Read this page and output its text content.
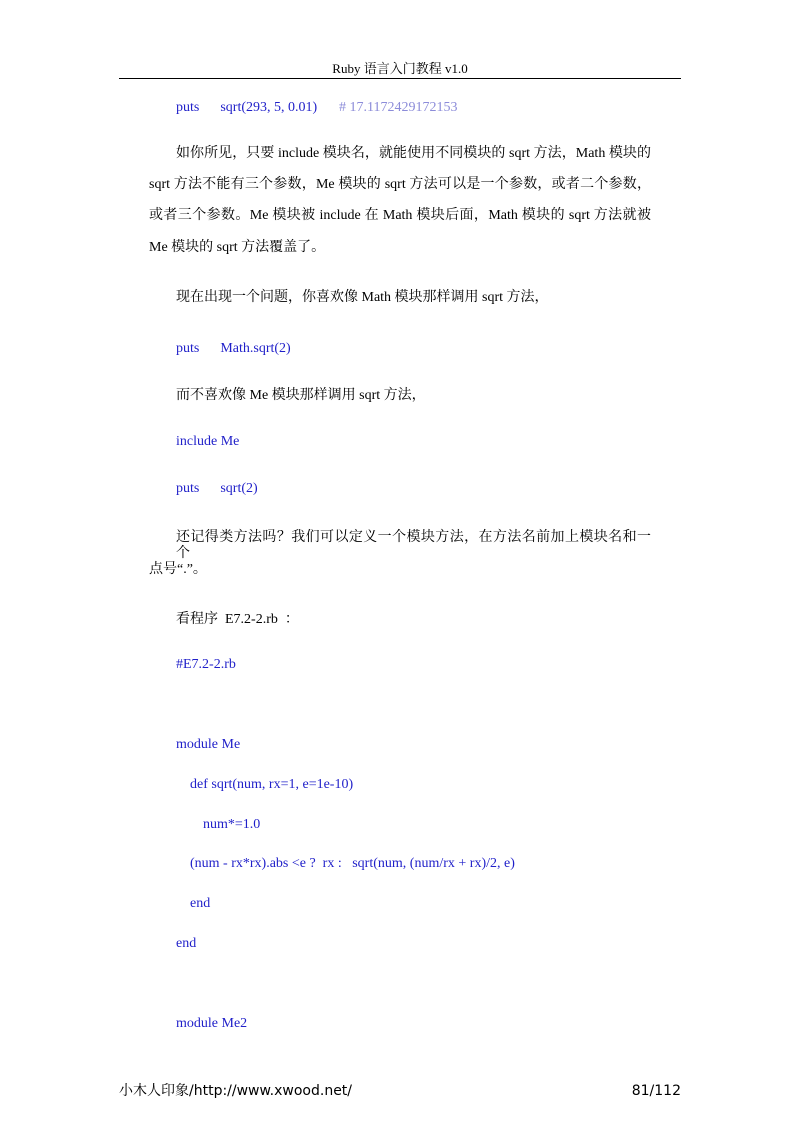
Ruby 语言入门教程 v1.0
puts      sqrt(293, 5, 0.01) # 17.1172429172153
如你所见，只要 include 模块名，就能使用不同模块的 sqrt 方法，Math 模块的
sqrt 方法不能有三个参数，Me 模块的 sqrt 方法可以是一个参数，或者二个参数，
或者三个参数。Me 模块被 include 在 Math 模块后面，Math 模块的 sqrt 方法就被
Me 模块的 sqrt 方法覆盖了。
现在出现一个问题，你喜欢像 Math 模块那样调用 sqrt 方法，
puts      Math.sqrt(2)
而不喜欢像 Me 模块那样调用 sqrt 方法，
include Me
puts      sqrt(2)
还记得类方法吗？我们可以定义一个模块方法，在方法名前加上模块名和一个
点号“.”。
看程序  E7.2-2.rb  ：
#E7.2-2.rb
module Me
def sqrt(num, rx=1, e=1e-10)
num*=1.0
(num - rx*rx).abs <e ?  rx :   sqrt(num, (num/rx + rx)/2, e)
end
end
module Me2
小木人印象/http://www.xwood.net/	81/112
